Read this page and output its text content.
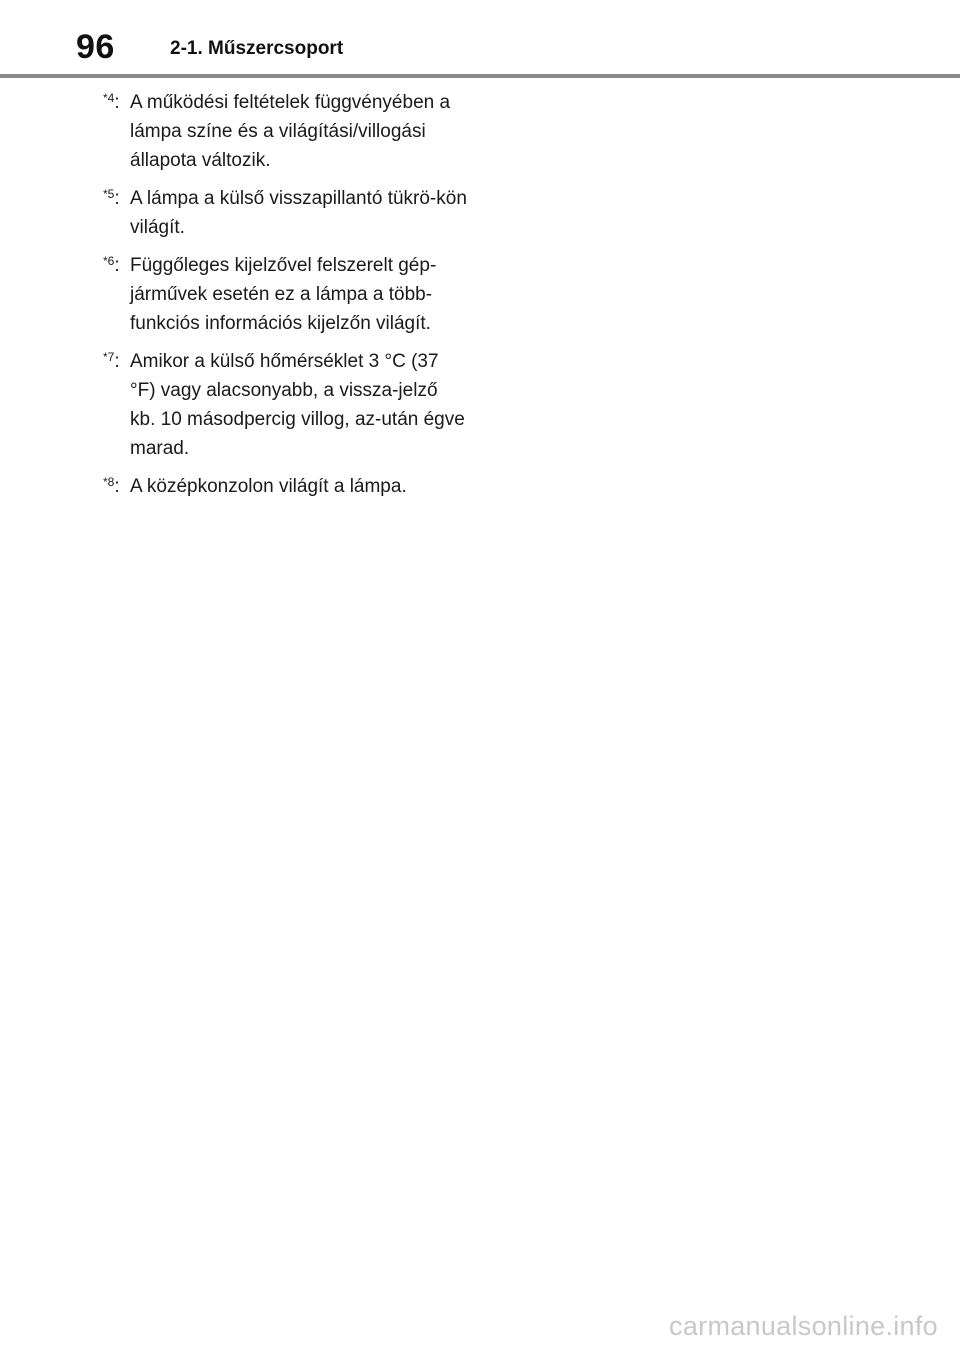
96	2-1. Műszercsoport
$^{*4}$: A működési feltételek függvényében a lámpa színe és a világítási/villogási állapota változik.
$^{*5}$: A lámpa a külső visszapillantó tükrö-kön világít.
$^{*6}$: Függőleges kijelzővel felszerelt gép-járművek esetén ez a lámpa a több-funkciós információs kijelzőn világít.
$^{*7}$: Amikor a külső hőmérséklet 3 °C (37 °F) vagy alacsonyabb, a vissza-jelző kb. 10 másodpercig villog, az-után égve marad.
$^{*8}$: A középkonzolon világít a lámpa.
carmanualsonline.info
